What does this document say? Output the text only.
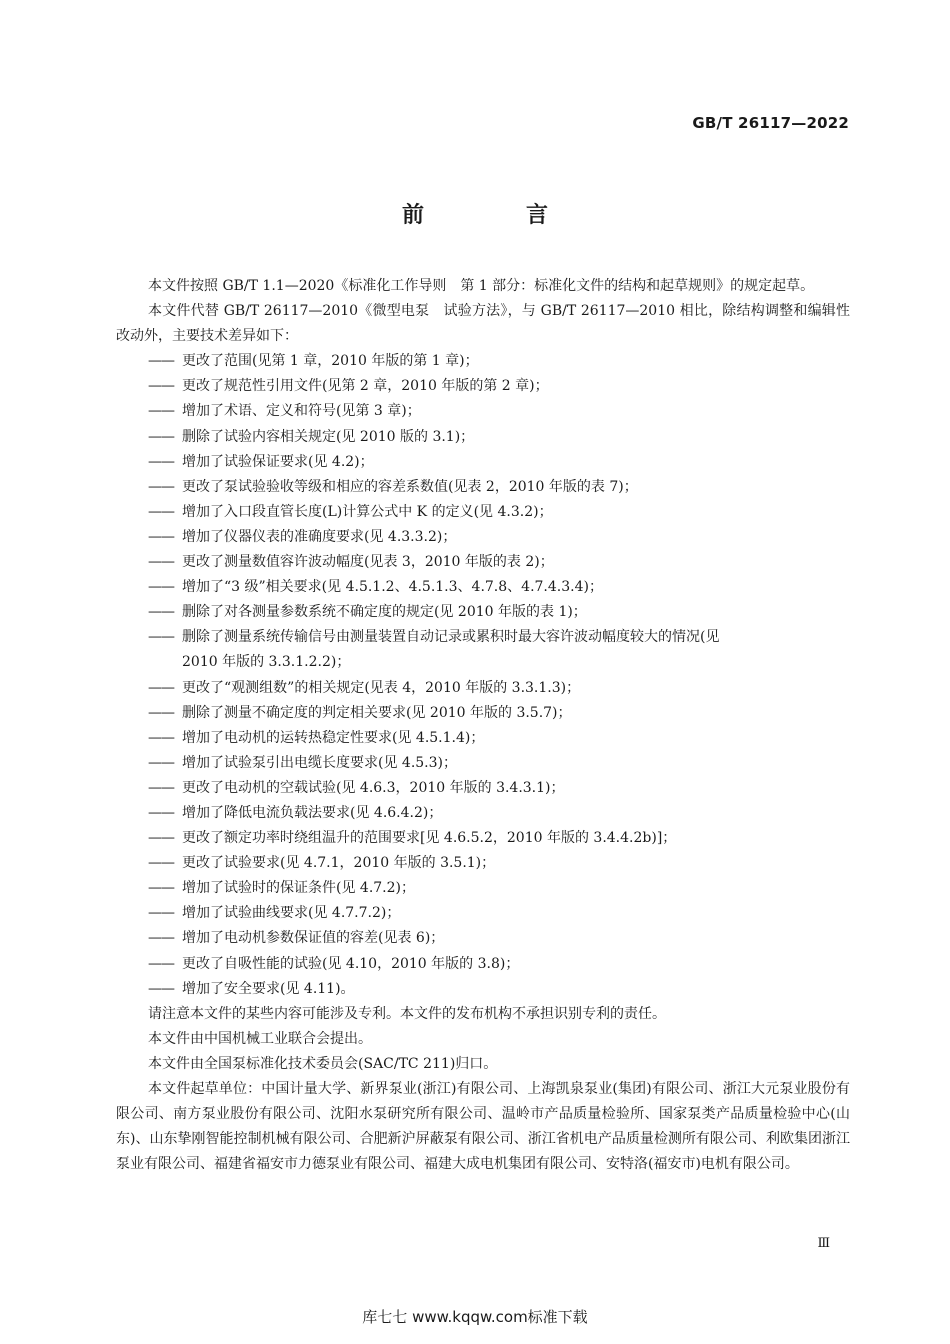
GB/T 26117—2022
前　言

本文件按照 GB/T 1.1—2020《标准化工作导则　第 1 部分：标准化文件的结构和起草规则》的规定起草。

本文件代替 GB/T 26117—2010《微型电泵　试验方法》，与 GB/T 26117—2010 相比，除结构调整和编辑性改动外，主要技术差异如下：

—— 更改了范围(见第 1 章，2010 年版的第 1 章)；

—— 更改了规范性引用文件(见第 2 章，2010 年版的第 2 章)；

—— 增加了术语、定义和符号(见第 3 章)；

—— 删除了试验内容相关规定(见 2010 版的 3.1)；

—— 增加了试验保证要求(见 4.2)；

—— 更改了泵试验验收等级和相应的容差系数值(见表 2，2010 年版的表 7)；

—— 增加了入口段直管长度(L)计算公式中 K 的定义(见 4.3.2)；

—— 增加了仪器仪表的准确度要求(见 4.3.3.2)；

—— 更改了测量数值容许波动幅度(见表 3，2010 年版的表 2)；

—— 增加了“3 级”相关要求(见 4.5.1.2、4.5.1.3、4.7.8、4.7.4.3.4)；

—— 删除了对各测量参数系统不确定度的规定(见 2010 年版的表 1)；

—— 删除了测量系统传输信号由测量装置自动记录或累积时最大容许波动幅度较大的情况(见
2010 年版的 3.3.1.2.2)；

—— 更改了“观测组数”的相关规定(见表 4，2010 年版的 3.3.1.3)；

—— 删除了测量不确定度的判定相关要求(见 2010 年版的 3.5.7)；

—— 增加了电动机的运转热稳定性要求(见 4.5.1.4)；

—— 增加了试验泵引出电缆长度要求(见 4.5.3)；

—— 更改了电动机的空载试验(见 4.6.3，2010 年版的 3.4.3.1)；

—— 增加了降低电流负载法要求(见 4.6.4.2)；

—— 更改了额定功率时绕组温升的范围要求[见 4.6.5.2，2010 年版的 3.4.4.2b)]；

—— 更改了试验要求(见 4.7.1，2010 年版的 3.5.1)；

—— 增加了试验时的保证条件(见 4.7.2)；

—— 增加了试验曲线要求(见 4.7.7.2)；

—— 增加了电动机参数保证值的容差(见表 6)；

—— 更改了自吸性能的试验(见 4.10，2010 年版的 3.8)；

—— 增加了安全要求(见 4.11)。

请注意本文件的某些内容可能涉及专利。本文件的发布机构不承担识别专利的责任。

本文件由中国机械工业联合会提出。

本文件由全国泵标准化技术委员会(SAC/TC 211)归口。

本文件起草单位：中国计量大学、新界泵业(浙江)有限公司、上海凯泉泵业(集团)有限公司、浙江大元泵业股份有限公司、南方泵业股份有限公司、沈阳水泵研究所有限公司、温岭市产品质量检验所、国家泵类产品质量检验中心(山东)、山东挚刚智能控制机械有限公司、合肥新沪屏蔽泵有限公司、浙江省机电产品质量检测所有限公司、利欧集团浙江泵业有限公司、福建省福安市力德泵业有限公司、福建大成电机集团有限公司、安特洛(福安市)电机有限公司。

Ⅲ
库七七 www.kqqw.com标准下载
